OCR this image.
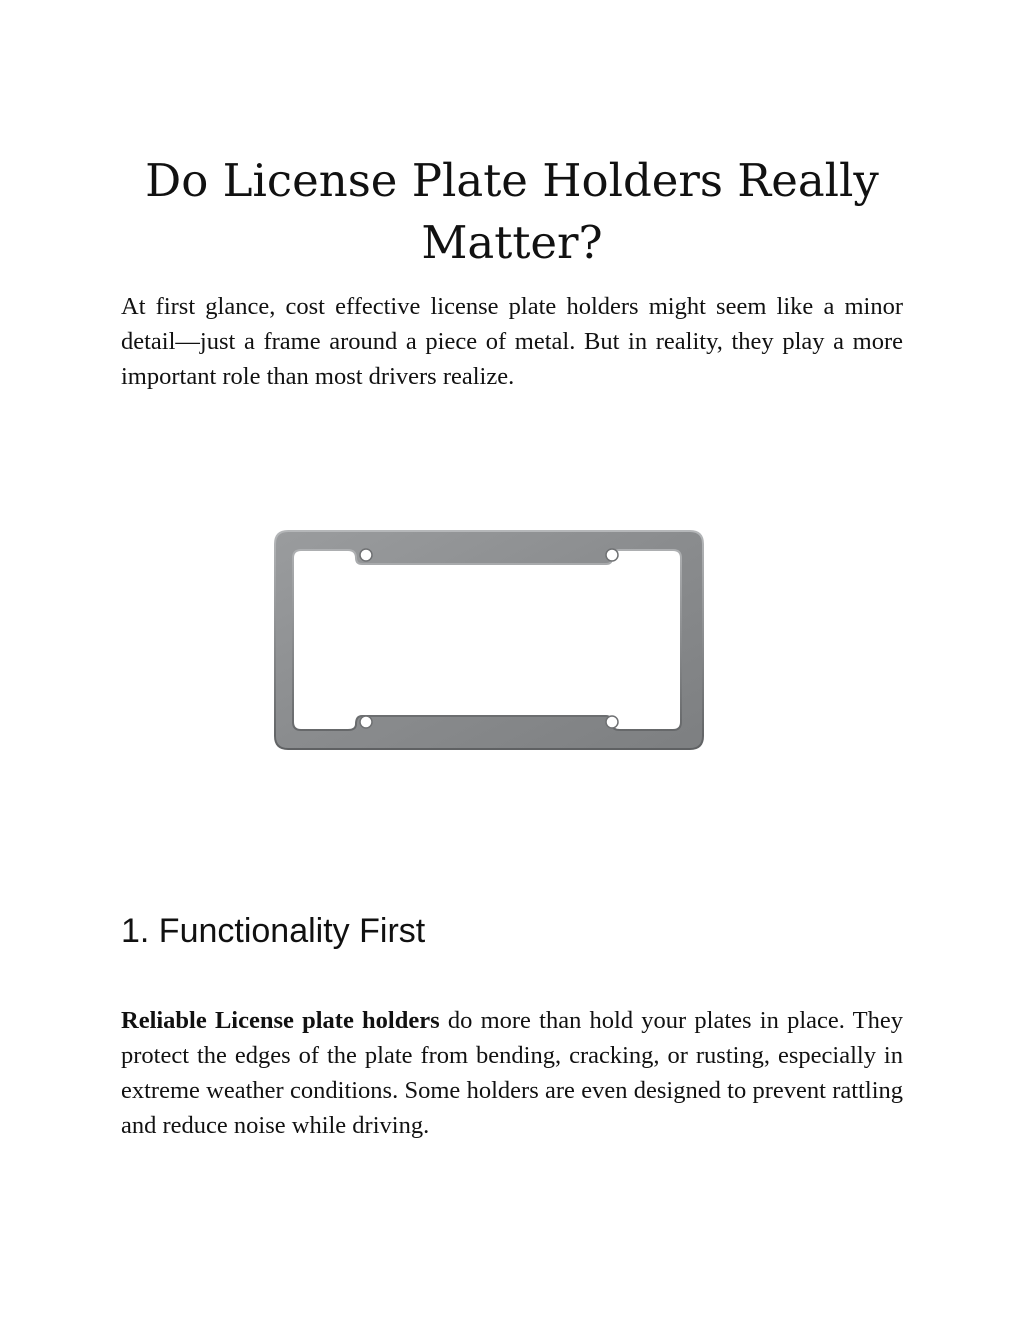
Do License Plate Holders Really Matter?

At first glance, cost effective license plate holders might seem like a minor detail—just a frame around a piece of metal. But in reality, they play a more important role than most drivers realize.

1. Functionality First

Reliable License plate holders do more than hold your plates in place. They protect the edges of the plate from bending, cracking, or rusting, especially in extreme weather conditions. Some holders are even designed to prevent rattling and reduce noise while driving.
